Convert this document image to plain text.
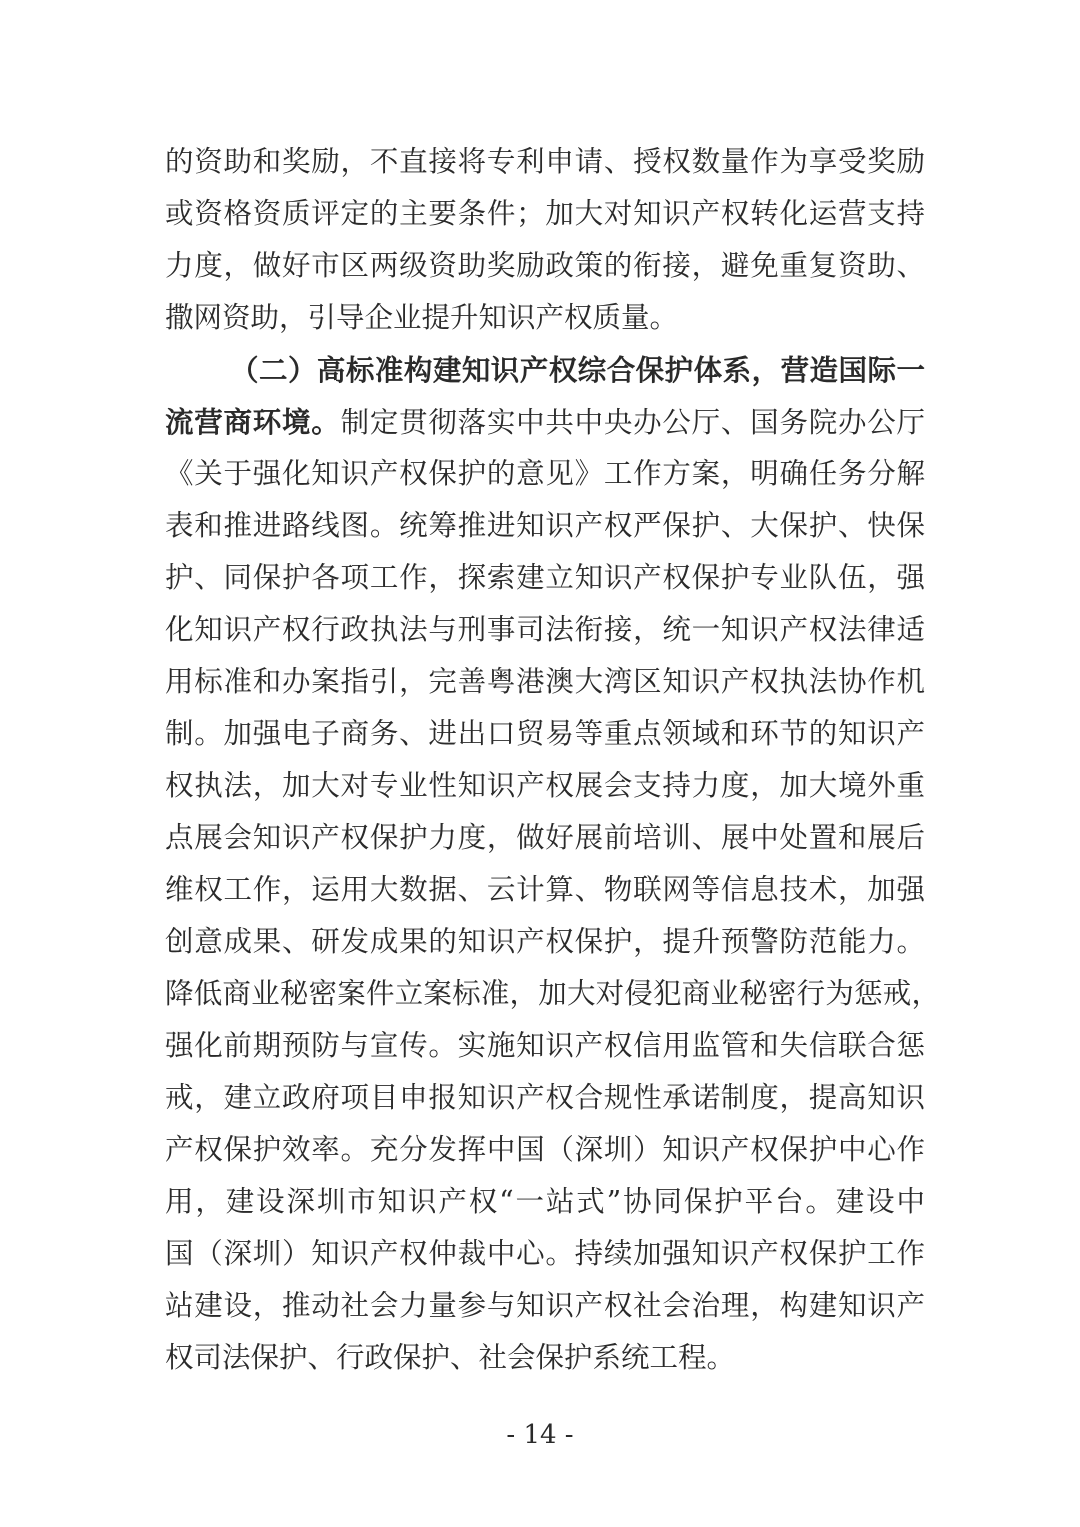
的资助和奖励，不直接将专利申请、授权数量作为享受奖励
或资格资质评定的主要条件；加大对知识产权转化运营支持
力度，做好市区两级资助奖励政策的衔接，避免重复资助、
撒网资助，引导企业提升知识产权质量。
（二）高标准构建知识产权综合保护体系，营造国际一
流营商环境。制定贯彻落实中共中央办公厅、国务院办公厅
《关于强化知识产权保护的意见》工作方案，明确任务分解
表和推进路线图。统筹推进知识产权严保护、大保护、快保
护、同保护各项工作，探索建立知识产权保护专业队伍，强
化知识产权行政执法与刑事司法衔接，统一知识产权法律适
用标准和办案指引，完善粤港澳大湾区知识产权执法协作机
制。加强电子商务、进出口贸易等重点领域和环节的知识产
权执法，加大对专业性知识产权展会支持力度，加大境外重
点展会知识产权保护力度，做好展前培训、展中处置和展后
维权工作，运用大数据、云计算、物联网等信息技术，加强
创意成果、研发成果的知识产权保护，提升预警防范能力。
降低商业秘密案件立案标准，加大对侵犯商业秘密行为惩戒，
强化前期预防与宣传。实施知识产权信用监管和失信联合惩
戒，建立政府项目申报知识产权合规性承诺制度，提高知识
产权保护效率。充分发挥中国（深圳）知识产权保护中心作
用，建设深圳市知识产权“一站式”协同保护平台。建设中
国（深圳）知识产权仲裁中心。持续加强知识产权保护工作
站建设，推动社会力量参与知识产权社会治理，构建知识产
权司法保护、行政保护、社会保护系统工程。
- 14 -
